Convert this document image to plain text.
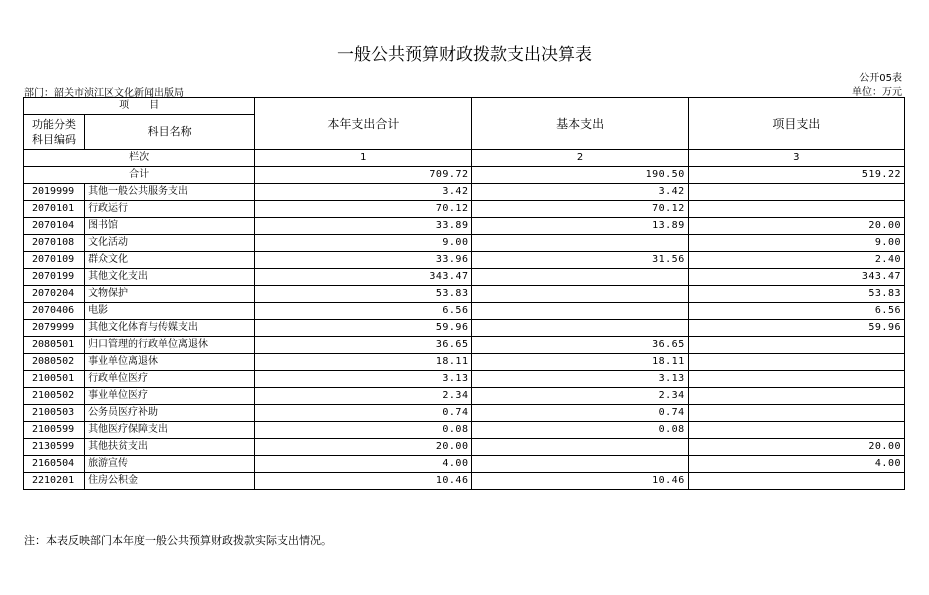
一般公共预算财政拨款支出决算表
公开05表
部门：韶关市浈江区文化新闻出版局	单位：万元
项　　目		本年支出合计	基本支出	项目支出
功能分类
科目编码	科目名称			

栏次		1	2	3
合计		709.72	190.50	519.22
2019999	其他一般公共服务支出	3.42	3.42	
2070101	行政运行	70.12	70.12	
2070104	图书馆	33.89	13.89	20.00
2070108	文化活动	9.00		9.00
2070109	群众文化	33.96	31.56	2.40
2070199	其他文化支出	343.47		343.47
2070204	文物保护	53.83		53.83
2070406	电影	6.56		6.56
2079999	其他文化体育与传媒支出	59.96		59.96
2080501	归口管理的行政单位离退休	36.65	36.65	
2080502	事业单位离退休	18.11	18.11	
2100501	行政单位医疗	3.13	3.13	
2100502	事业单位医疗	2.34	2.34	
2100503	公务员医疗补助	0.74	0.74	
2100599	其他医疗保障支出	0.08	0.08	
2130599	其他扶贫支出	20.00		20.00
2160504	旅游宣传	4.00		4.00
2210201	住房公积金	10.46	10.46	
注：本表反映部门本年度一般公共预算财政拨款实际支出情况。
